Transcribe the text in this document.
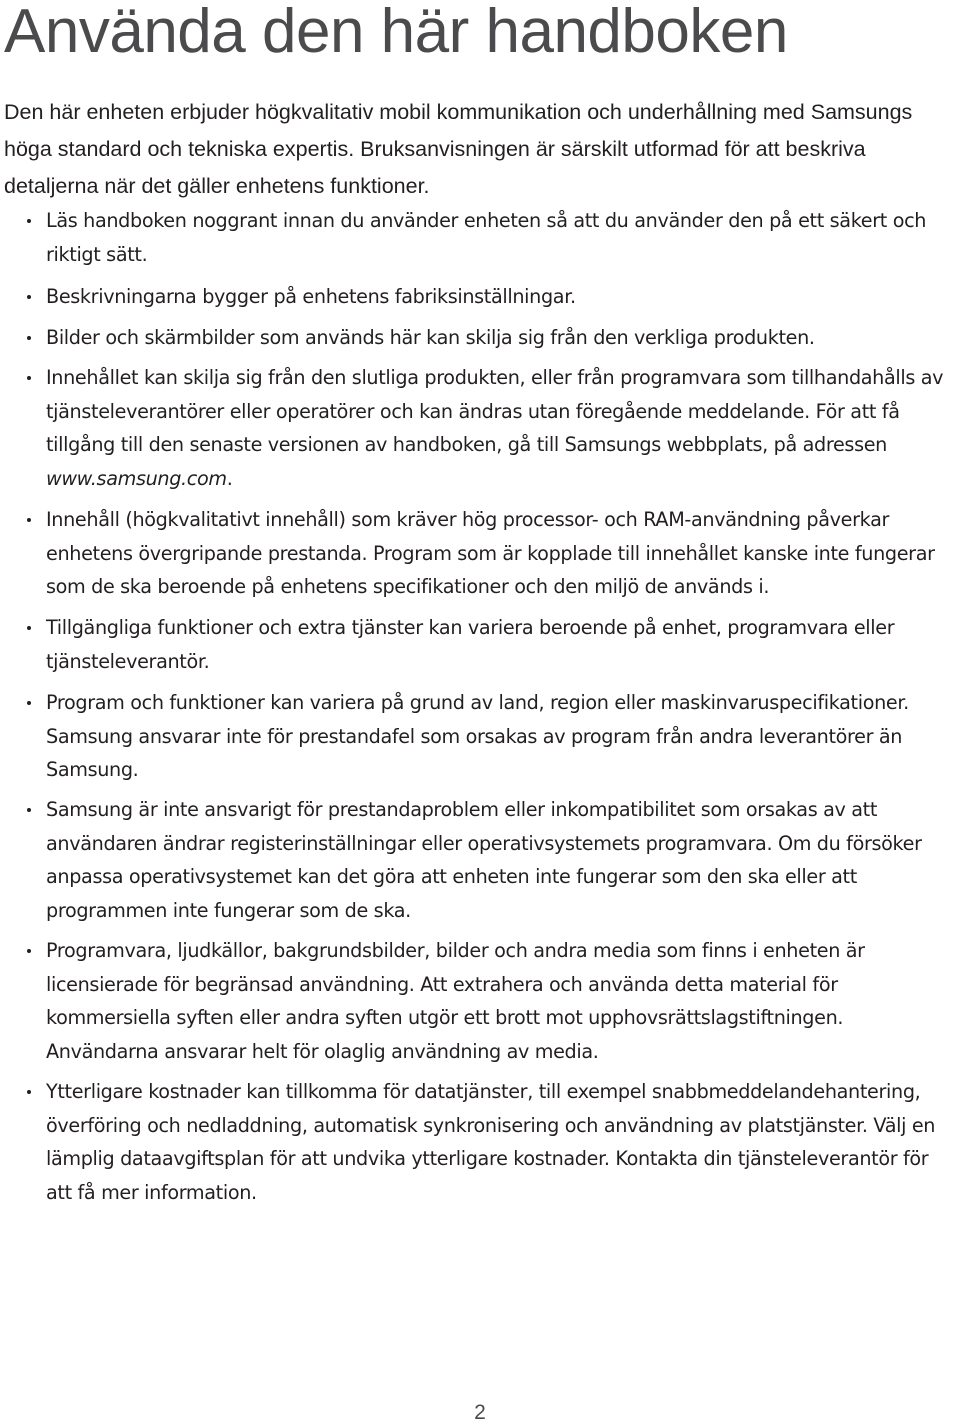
Använda den här handboken

Den här enheten erbjuder högkvalitativ mobil kommunikation och underhållning med Samsungs höga standard och tekniska expertis. Bruksanvisningen är särskilt utformad för att beskriva detaljerna när det gäller enhetens funktioner.

Läs handboken noggrant innan du använder enheten så att du använder den på ett säkert och riktigt sätt.

Beskrivningarna bygger på enhetens fabriksinställningar.

Bilder och skärmbilder som används här kan skilja sig från den verkliga produkten.

Innehållet kan skilja sig från den slutliga produkten, eller från programvara som tillhandahålls av tjänsteleverantörer eller operatörer och kan ändras utan föregående meddelande. För att få tillgång till den senaste versionen av handboken, gå till Samsungs webbplats, på adressen www.samsung.com.

Innehåll (högkvalitativt innehåll) som kräver hög processor- och RAM-användning påverkar enhetens övergripande prestanda. Program som är kopplade till innehållet kanske inte fungerar som de ska beroende på enhetens specifikationer och den miljö de används i.

Tillgängliga funktioner och extra tjänster kan variera beroende på enhet, programvara eller tjänsteleverantör.

Program och funktioner kan variera på grund av land, region eller maskinvaruspecifikationer. Samsung ansvarar inte för prestandafel som orsakas av program från andra leverantörer än Samsung.

Samsung är inte ansvarigt för prestandaproblem eller inkompatibilitet som orsakas av att användaren ändrar registerinställningar eller operativsystemets programvara. Om du försöker anpassa operativsystemet kan det göra att enheten inte fungerar som den ska eller att programmen inte fungerar som de ska.

Programvara, ljudkällor, bakgrundsbilder, bilder och andra media som finns i enheten är licensierade för begränsad användning. Att extrahera och använda detta material för kommersiella syften eller andra syften utgör ett brott mot upphovsrättslagstiftningen. Användarna ansvarar helt för olaglig användning av media.

Ytterligare kostnader kan tillkomma för datatjänster, till exempel snabbmeddelandehantering, överföring och nedladdning, automatisk synkronisering och användning av platstjänster. Välj en lämplig dataavgiftsplan för att undvika ytterligare kostnader. Kontakta din tjänsteleverantör för att få mer information.

2
